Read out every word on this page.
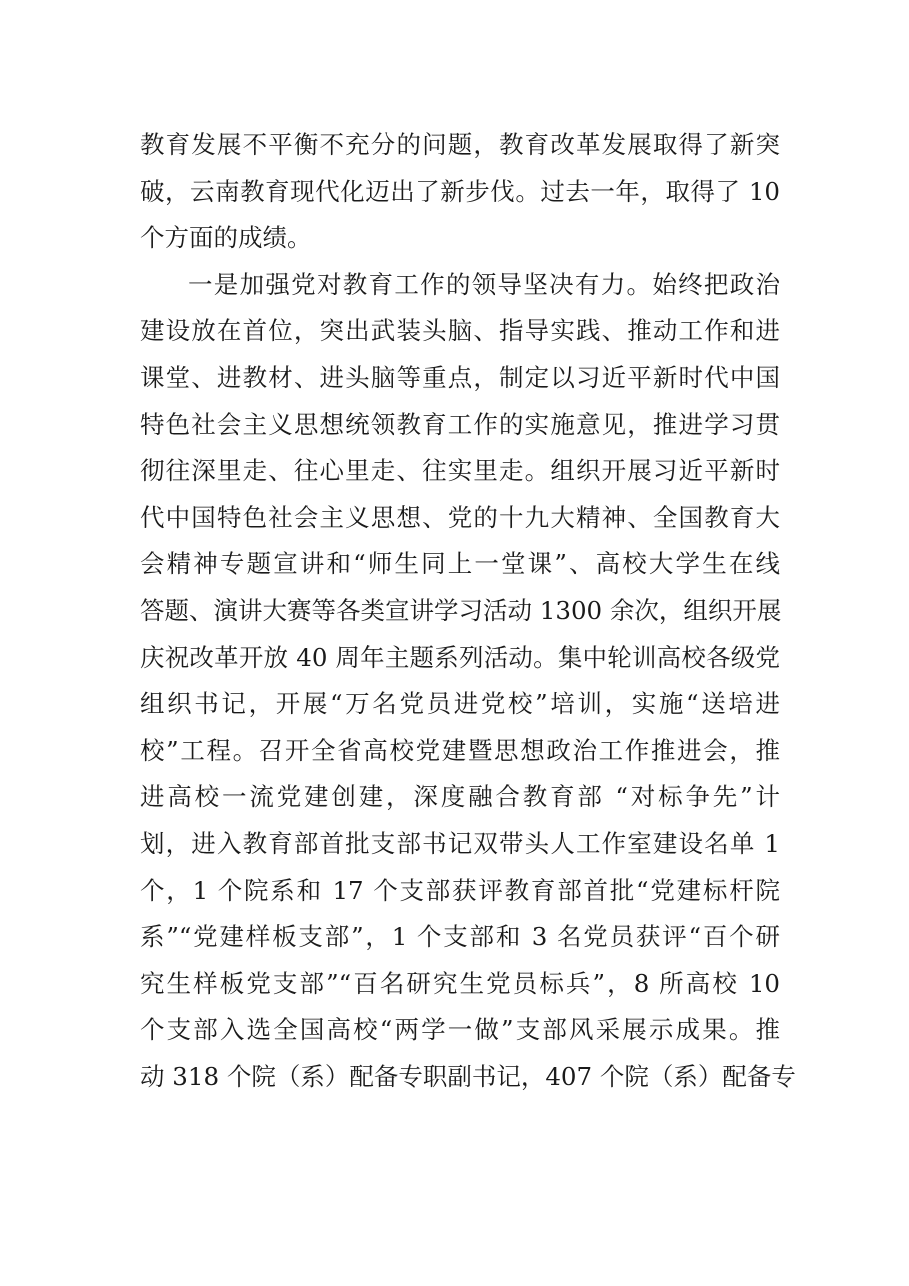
教育发展不平衡不充分的问题，教育改革发展取得了新突
破，云南教育现代化迈出了新步伐。过去一年，取得了 10
个方面的成绩。
一是加强党对教育工作的领导坚决有力。始终把政治
建设放在首位，突出武装头脑、指导实践、推动工作和进
课堂、进教材、进头脑等重点，制定以习近平新时代中国
特色社会主义思想统领教育工作的实施意见，推进学习贯
彻往深里走、往心里走、往实里走。组织开展习近平新时
代中国特色社会主义思想、党的十九大精神、全国教育大
会精神专题宣讲和“师生同上一堂课”、高校大学生在线
答题、演讲大赛等各类宣讲学习活动 1300 余次，组织开展
庆祝改革开放 40 周年主题系列活动。集中轮训高校各级党
组织书记，开展“万名党员进党校”培训，实施“送培进
校”工程。召开全省高校党建暨思想政治工作推进会，推
进高校一流党建创建，深度融合教育部 “对标争先”计
划，进入教育部首批支部书记双带头人工作室建设名单 1
个，1 个院系和 17 个支部获评教育部首批“党建标杆院
系”“党建样板支部”，1 个支部和 3 名党员获评“百个研
究生样板党支部”“百名研究生党员标兵”，8 所高校 10
个支部入选全国高校“两学一做”支部风采展示成果。推
动 318 个院（系）配备专职副书记，407 个院（系）配备专
